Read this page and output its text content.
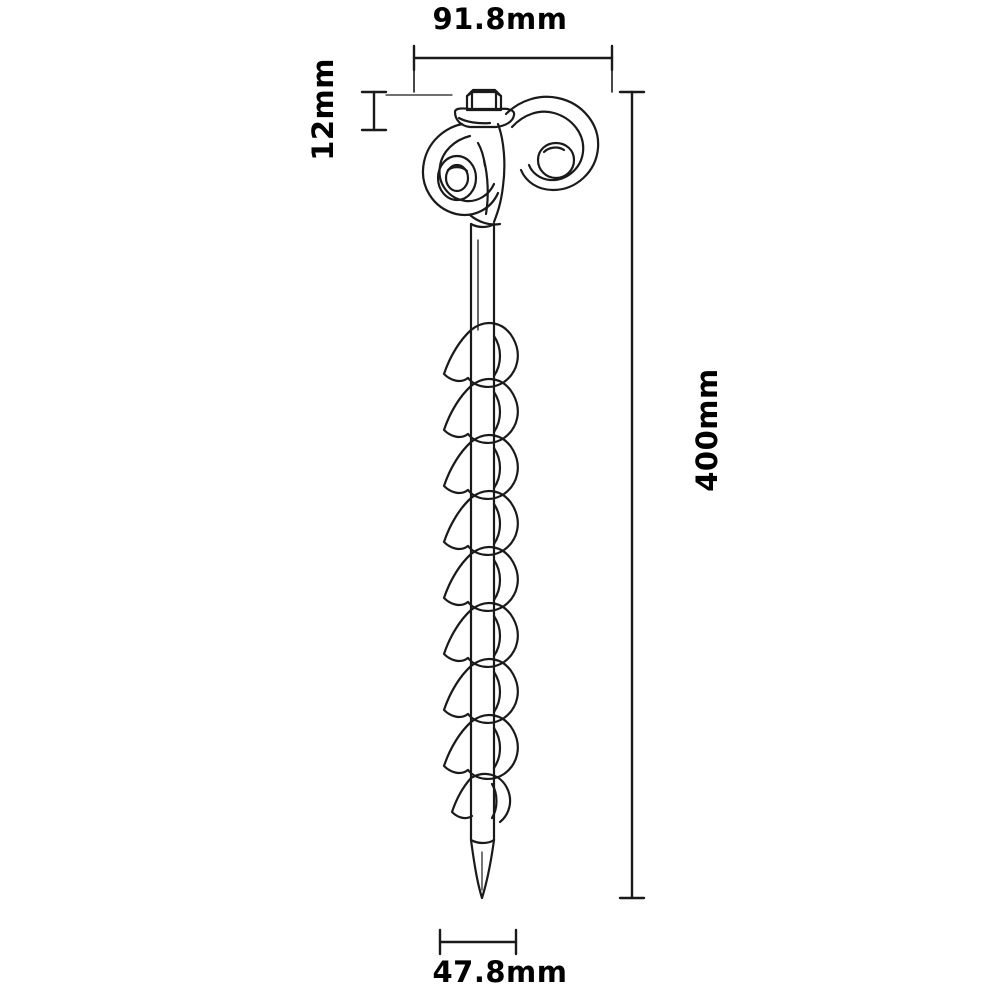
91.8mm
12mm
400mm
47.8mm
